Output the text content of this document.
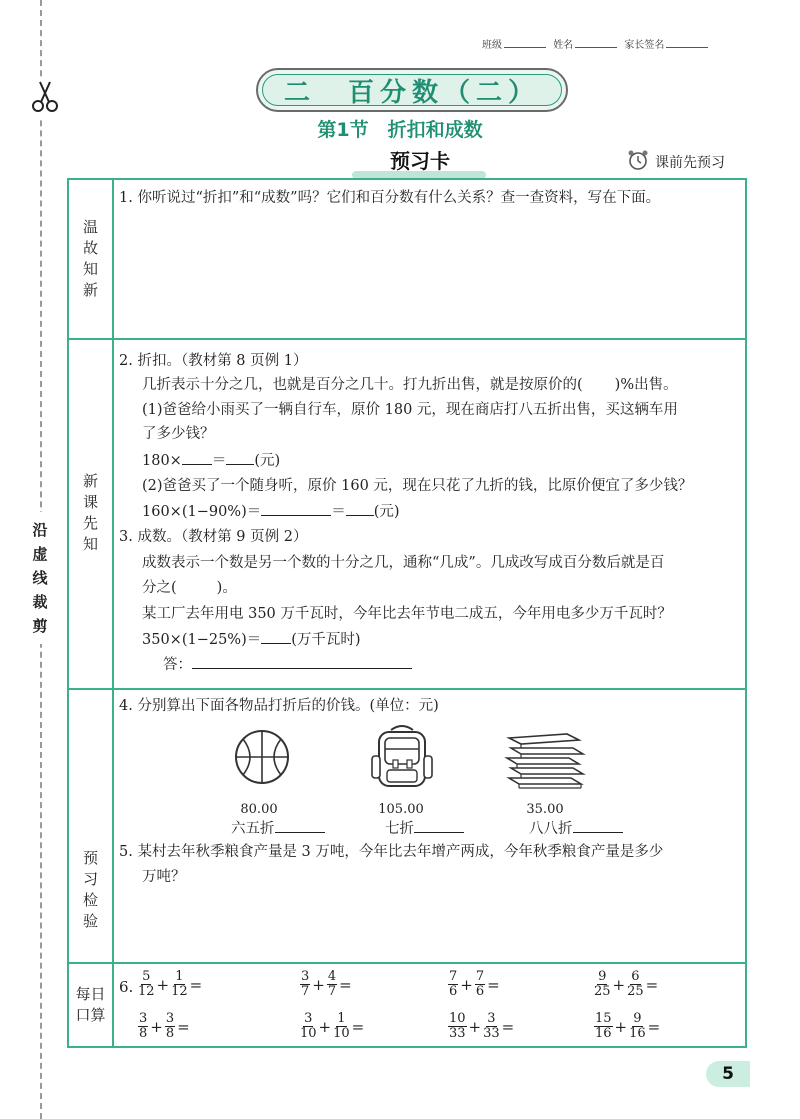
沿
虚
线
裁
剪
班级	姓名	家长签名
二　百分数（二）
第1节　折扣和成数
预习卡	课前先预习
温
故
知
新
1. 你听说过“折扣”和“成数”吗？它们和百分数有什么关系？查一查资料，写在下面。
新
课
先
知
2. 折扣。（教材第 8 页例 1）
几折表示十分之几，也就是百分之几十。打九折出售，就是按原价的( )%出售。
(1)爸爸给小雨买了一辆自行车，原价 180 元，现在商店打八五折出售，买这辆车用
了多少钱？
180× ＝ (元)
(2)爸爸买了一个随身听，原价 160 元，现在只花了九折的钱，比原价便宜了多少钱？
160×(1−90%)＝	＝ (元)
3. 成数。（教材第 9 页例 2）
成数表示一个数是另一个数的十分之几，通称“几成”。几成改写成百分数后就是百
分之(	)。
某工厂去年用电 350 万千瓦时，今年比去年节电二成五，今年用电多少万千瓦时？
350×(1−25%)＝ (万千瓦时)
答：
预
习
检
验
4. 分别算出下面各物品打折后的价钱。(单位：元)
80.00
六五折
105.00
七折
35.00
八八折
5. 某村去年秋季粮食产量是 3 万吨，今年比去年增产两成，今年秋季粮食产量是多少
万吨？
每日
口算
6. $\frac{5}{12} + \frac{1}{12}$ =	$\frac{3}{7} + \frac{4}{7}$ =	$\frac{7}{6} + \frac{7}{6}$ =	$\frac{9}{25} + \frac{6}{25}$ =
$\frac{3}{8} + \frac{3}{8}$ =	$\frac{3}{10} + \frac{1}{10}$ =	$\frac{10}{33} + \frac{3}{33}$ =	$\frac{15}{16} + \frac{9}{16}$ =
5
